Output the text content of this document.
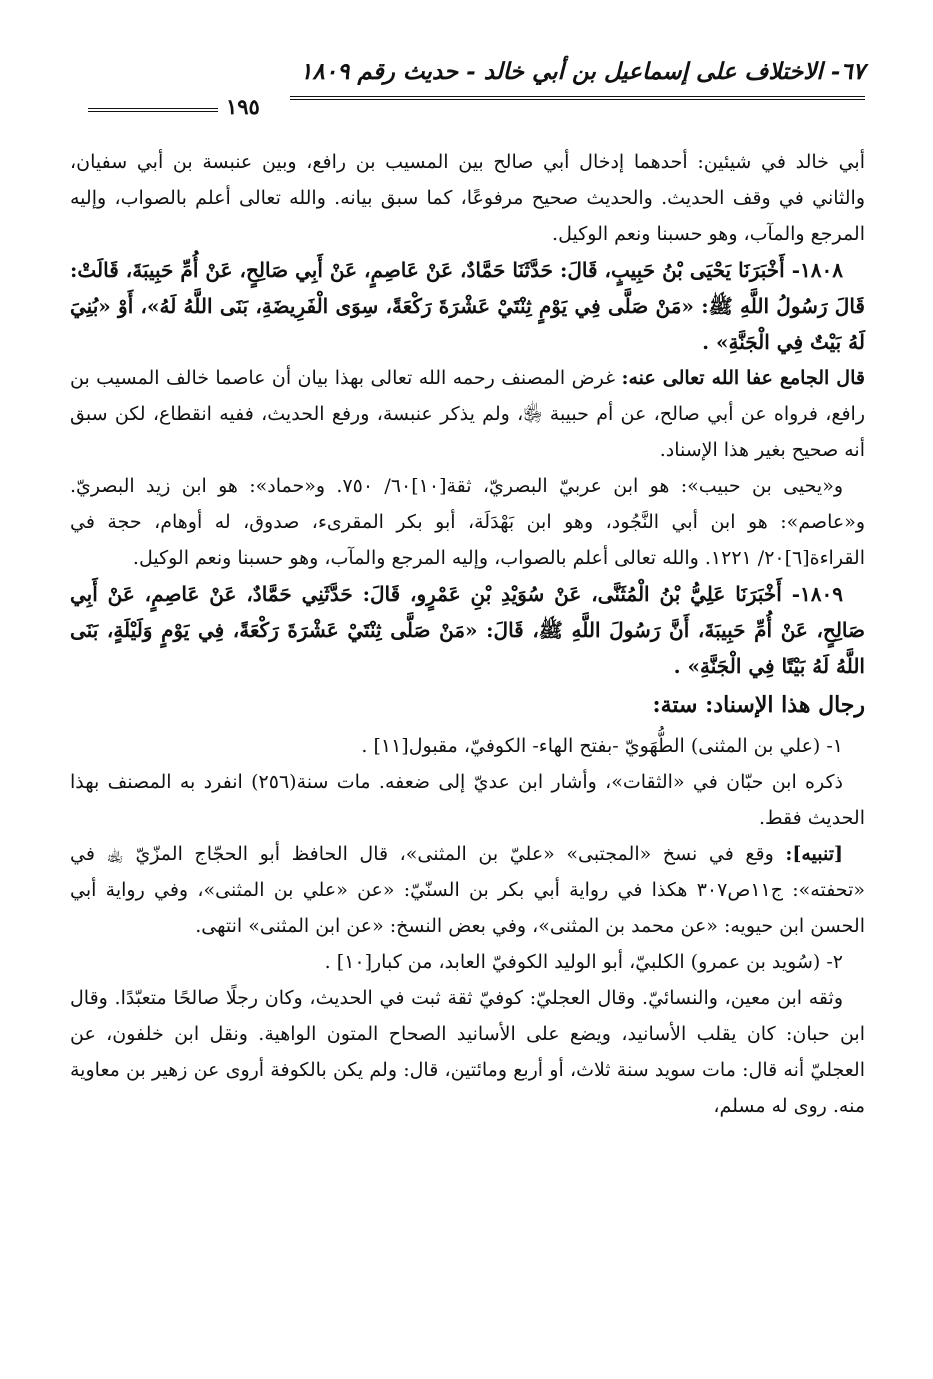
٦٧- الاختلاف على إسماعيل بن أبي خالد - حديث رقم ١٨٠٩
١٩٥

أبي خالد في شيئين: أحدهما إدخال أبي صالح بين المسيب بن رافع، وبين عنبسة بن أبي سفيان، والثاني في وقف الحديث. والحديث صحيح مرفوعًا، كما سبق بيانه. والله تعالى أعلم بالصواب، وإليه المرجع والمآب، وهو حسبنا ونعم الوكيل.

١٨٠٨- أَخْبَرَنَا يَحْيَى بْنُ حَبِيبٍ، قَالَ: حَدَّثَنَا حَمَّادٌ، عَنْ عَاصِمٍ، عَنْ أَبِي صَالِحٍ، عَنْ أُمِّ حَبِيبَةَ، قَالَتْ: قَالَ رَسُولُ اللَّهِ ﷺ: «مَنْ صَلَّى فِي يَوْمٍ ثِنْتَيْ عَشْرَةَ رَكْعَةً، سِوَى الْفَرِيضَةِ، بَنَى اللَّهُ لَهُ»، أَوْ «بُنِيَ لَهُ بَيْتٌ فِي الْجَنَّةِ» .

قال الجامع عفا الله تعالى عنه: غرض المصنف رحمه الله تعالى بهذا بيان أن عاصما خالف المسيب بن رافع، فرواه عن أبي صالح، عن أم حبيبة ﵂، ولم يذكر عنبسة، ورفع الحديث، ففيه انقطاع، لكن سبق أنه صحيح بغير هذا الإسناد.

و«يحيى بن حبيب»: هو ابن عربيّ البصريّ، ثقة[١٠]٦٠/ ٧٥٠. و«حماد»: هو ابن زيد البصريّ. و«عاصم»: هو ابن أبي النَّجُود، وهو ابن بَهْدَلَة، أبو بكر المقرىء، صدوق، له أوهام، حجة في القراءة[٦]٢٠/ ١٢٢١. والله تعالى أعلم بالصواب، وإليه المرجع والمآب، وهو حسبنا ونعم الوكيل.

١٨٠٩- أَخْبَرَنَا عَلِيُّ بْنُ الْمُثَنَّى، عَنْ سُوَيْدِ بْنِ عَمْرٍو، قَالَ: حَدَّثَنِي حَمَّادٌ، عَنْ عَاصِمٍ، عَنْ أَبِي صَالِحٍ، عَنْ أُمِّ حَبِيبَةَ، أَنَّ رَسُولَ اللَّهِ ﷺ، قَالَ: «مَنْ صَلَّى ثِنْتَيْ عَشْرَةَ رَكْعَةً، فِي يَوْمٍ وَلَيْلَةٍ، بَنَى اللَّهُ لَهُ بَيْتًا فِي الْجَنَّةِ» .

رجال هذا الإسناد: ستة:

١- (علي بن المثنى) الطُّهَويّ -بفتح الهاء- الكوفيّ، مقبول[١١] .

ذكره ابن حبّان في «الثقات»، وأشار ابن عديّ إلى ضعفه. مات سنة(٢٥٦) انفرد به المصنف بهذا الحديث فقط.

[تنبيه]: وقع في نسخ «المجتبى» «عليّ بن المثنى»، قال الحافظ أبو الحجّاج المزّيّ ﵀ في «تحفته»: ج١١ص٣٠٧ هكذا في رواية أبي بكر بن السنّيّ: «عن «علي بن المثنى»، وفي رواية أبي الحسن ابن حيويه: «عن محمد بن المثنى»، وفي بعض النسخ: «عن ابن المثنى» انتهى.

٢- (سُويد بن عمرو) الكلبيّ، أبو الوليد الكوفيّ العابد، من كبار[١٠] .

وثقه ابن معين، والنسائيّ. وقال العجليّ: كوفيّ ثقة ثبت في الحديث، وكان رجلًا صالحًا متعبّدًا. وقال ابن حبان: كان يقلب الأسانيد، ويضع على الأسانيد الصحاح المتون الواهية. ونقل ابن خلفون، عن العجليّ أنه قال: مات سويد سنة ثلاث، أو أربع ومائتين، قال: ولم يكن بالكوفة أروى عن زهير بن معاوية منه. روى له مسلم،
